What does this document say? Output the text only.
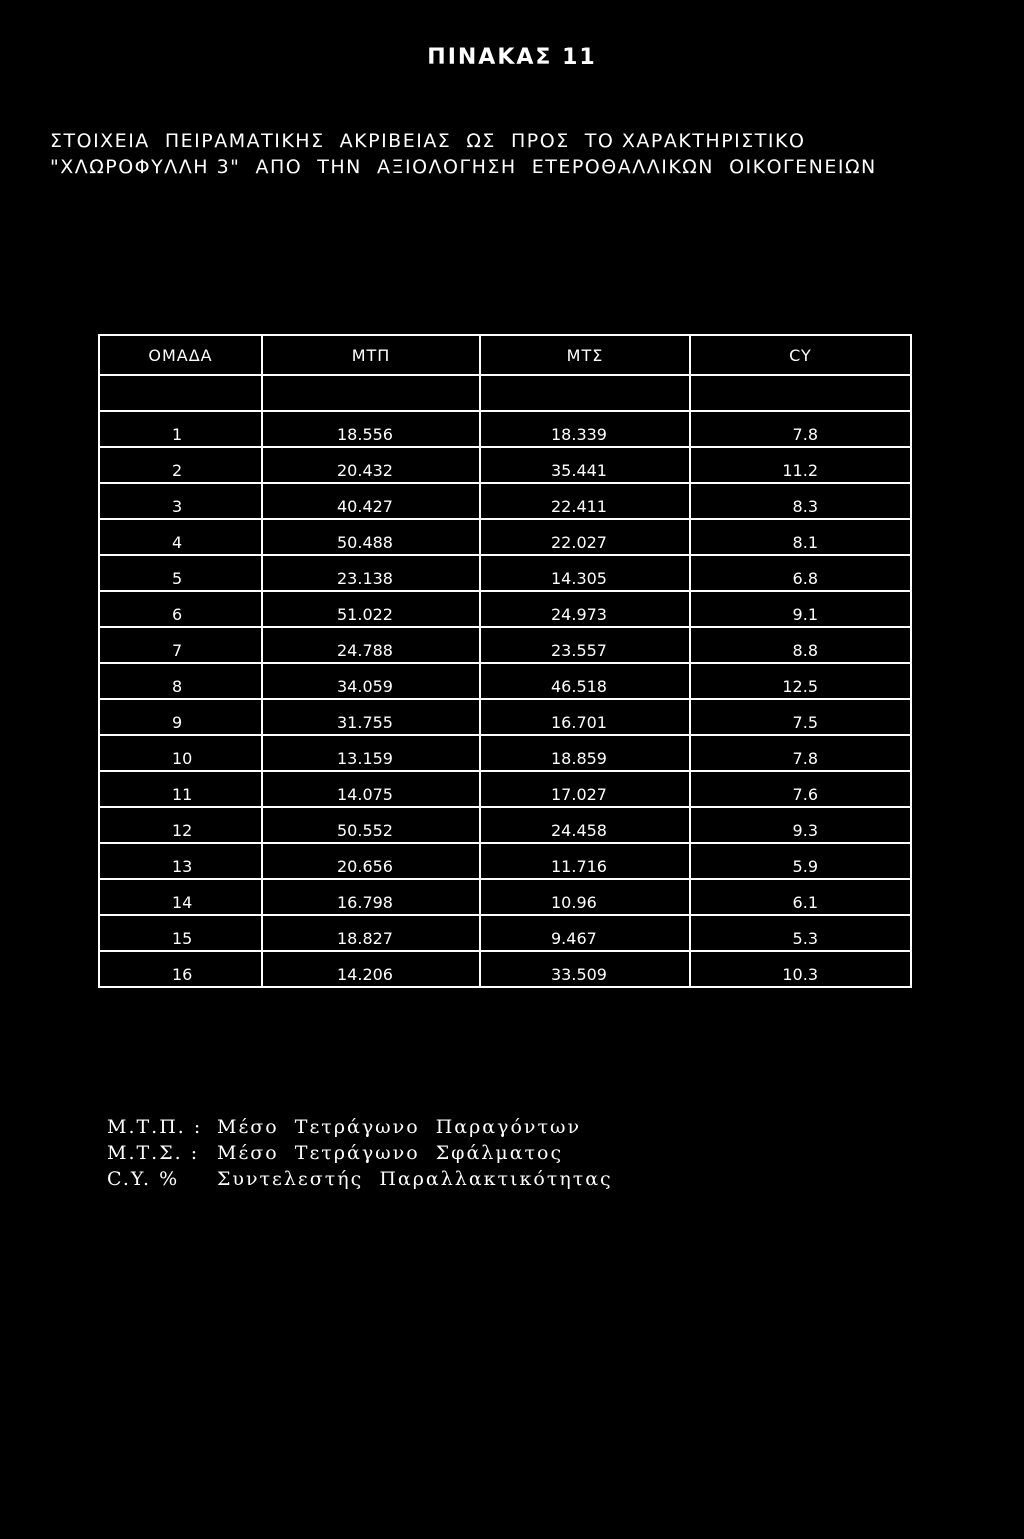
ΠΙΝΑΚΑΣ 11
ΣΤΟΙΧΕΙΑ  ΠΕΙΡΑΜΑΤΙΚΗΣ  ΑΚΡΙΒΕΙΑΣ  ΩΣ  ΠΡΟΣ  ΤΟ ΧΑΡΑΚΤΗΡΙΣΤΙΚΟ
"ΧΛΩΡΟΦΥΛΛΗ 3"  ΑΠΟ  ΤΗΝ  ΑΞΙΟΛΟΓΗΣΗ  ΕΤΕΡΟΘΑΛΛΙΚΩΝ  ΟΙΚΟΓΕΝΕΙΩΝ
ΟΜΑΔΑ	ΜΤΠ	ΜΤΣ	CY

1	18.556	18.339	7.8
2	20.432	35.441	11.2
3	40.427	22.411	8.3
4	50.488	22.027	8.1
5	23.138	14.305	6.8
6	51.022	24.973	9.1
7	24.788	23.557	8.8
8	34.059	46.518	12.5
9	31.755	16.701	7.5
10	13.159	18.859	7.8
11	14.075	17.027	7.6
12	50.552	24.458	9.3
13	20.656	11.716	5.9
14	16.798	10.96	6.1
15	18.827	9.467	5.3
16	14.206	33.509	10.3
Μ.Τ.Π. : Μέσο  Τετράγωνο  Παραγόντων
Μ.Τ.Σ. : Μέσο  Τετράγωνο  Σφάλματος
C.Y. % Συντελεστής  Παραλλακτικότητας
